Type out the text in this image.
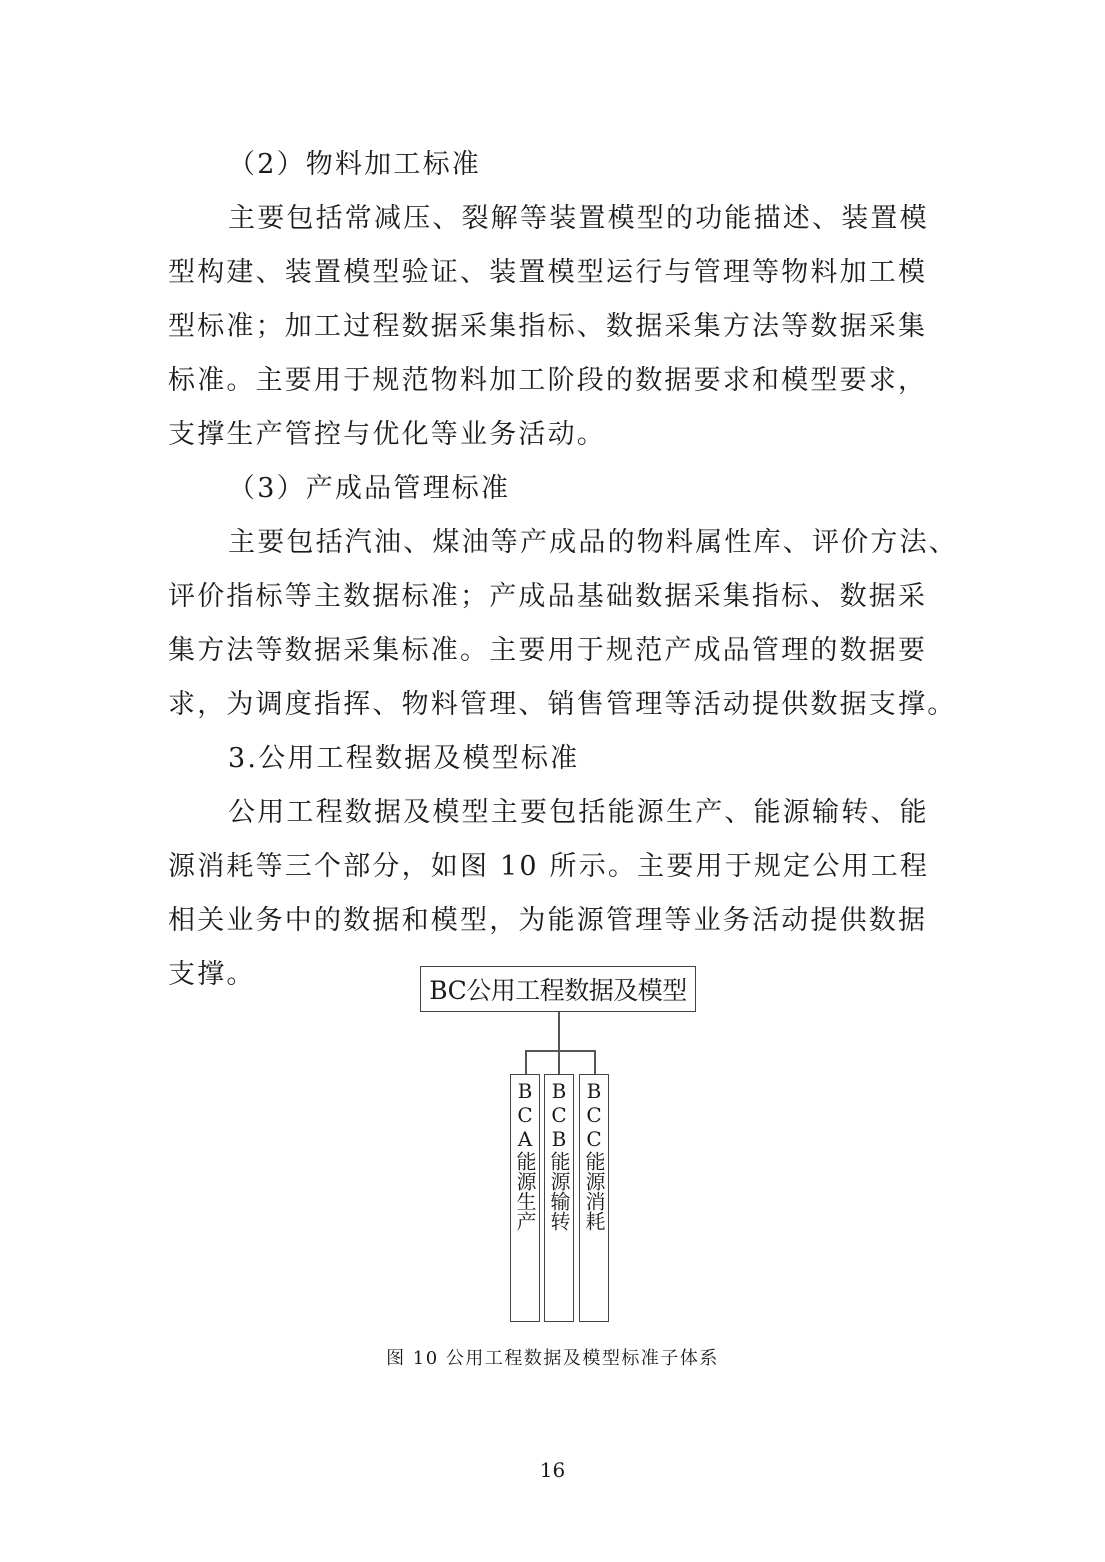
（2）物料加工标准
主要包括常减压、裂解等装置模型的功能描述、装置模
型构建、装置模型验证、装置模型运行与管理等物料加工模
型标准；加工过程数据采集指标、数据采集方法等数据采集
标准。主要用于规范物料加工阶段的数据要求和模型要求，
支撑生产管控与优化等业务活动。
（3）产成品管理标准
主要包括汽油、煤油等产成品的物料属性库、评价方法、
评价指标等主数据标准；产成品基础数据采集指标、数据采
集方法等数据采集标准。主要用于规范产成品管理的数据要
求，为调度指挥、物料管理、销售管理等活动提供数据支撑。
3.公用工程数据及模型标准
公用工程数据及模型主要包括能源生产、能源输转、能
源消耗等三个部分，如图 10 所示。主要用于规定公用工程
相关业务中的数据和模型，为能源管理等业务活动提供数据
支撑。
BC公用工程数据及模型
BCA能源生产 BCB能源输转 BCC能源消耗
图 10 公用工程数据及模型标准子体系
16
